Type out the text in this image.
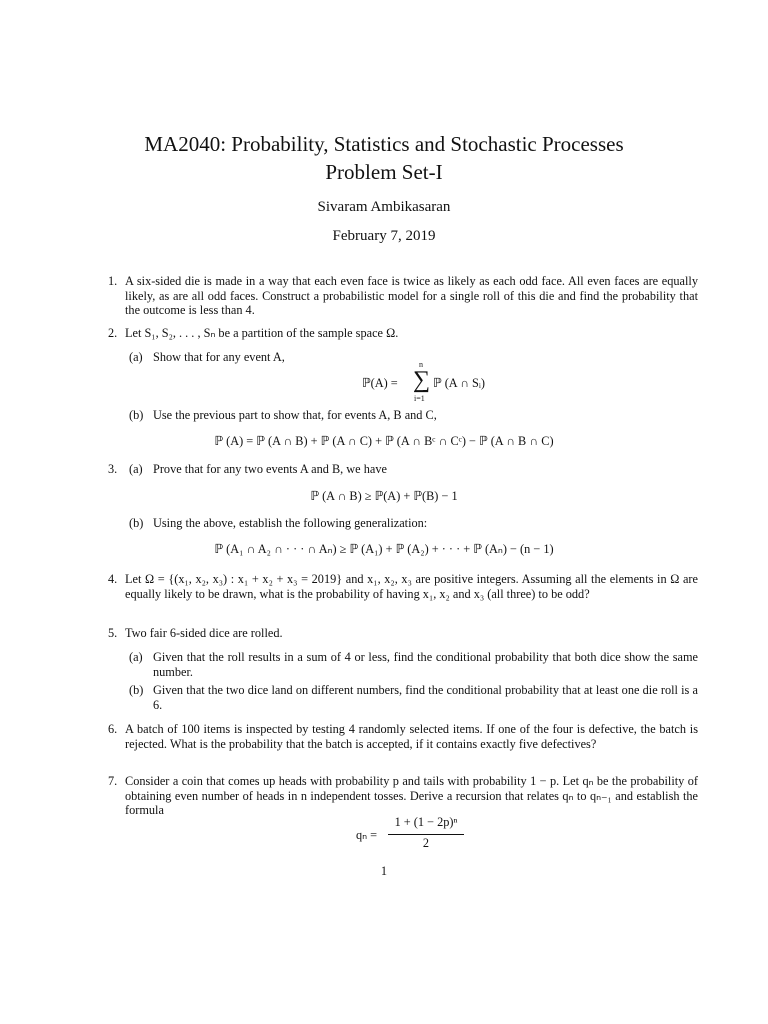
MA2040: Probability, Statistics and Stochastic Processes
Problem Set-I
Sivaram Ambikasaran
February 7, 2019
1. A six-sided die is made in a way that each even face is twice as likely as each odd face. All even faces are equally likely, as are all odd faces. Construct a probabilistic model for a single roll of this die and find the probability that the outcome is less than 4.
2. Let S₁, S₂, . . . , Sₙ be a partition of the sample space Ω.
(a) Show that for any event A,
ℙ(A) =
n
∑
i=1
ℙ (A ∩ Sᵢ)
(b) Use the previous part to show that, for events A, B and C,
ℙ (A) = ℙ (A ∩ B) + ℙ (A ∩ C) + ℙ (A ∩ Bᶜ ∩ Cᶜ) − ℙ (A ∩ B ∩ C)
3. (a) Prove that for any two events A and B, we have
ℙ (A ∩ B) ≥ ℙ(A) + ℙ(B) − 1
(b) Using the above, establish the following generalization:
ℙ (A₁ ∩ A₂ ∩ · · · ∩ Aₙ) ≥ ℙ (A₁) + ℙ (A₂) + · · · + ℙ (Aₙ) − (n − 1)
4. Let Ω = {(x₁, x₂, x₃) : x₁ + x₂ + x₃ = 2019} and x₁, x₂, x₃ are positive integers. Assuming all the elements in Ω are equally likely to be drawn, what is the probability of having x₁, x₂ and x₃ (all three) to be odd?
5. Two fair 6-sided dice are rolled.
(a) Given that the roll results in a sum of 4 or less, find the conditional probability that both dice show the same number.
(b) Given that the two dice land on different numbers, find the conditional probability that at least one die roll is a 6.
6. A batch of 100 items is inspected by testing 4 randomly selected items. If one of the four is defective, the batch is rejected. What is the probability that the batch is accepted, if it contains exactly five defectives?
7. Consider a coin that comes up heads with probability p and tails with probability 1 − p. Let qₙ be the probability of obtaining even number of heads in n independent tosses. Derive a recursion that relates qₙ to qₙ₋₁ and establish the formula
qₙ =
1 + (1 − 2p)ⁿ
2
1
